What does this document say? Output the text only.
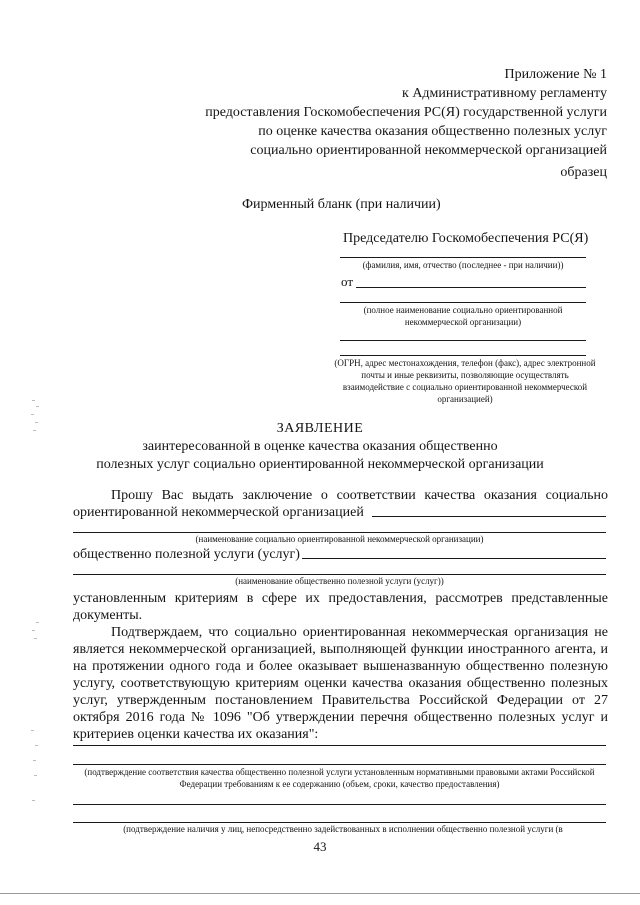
Приложение № 1
к Административному регламенту
предоставления Госкомобеспечения РС(Я) государственной услуги
по оценке качества оказания общественно полезных услуг
социально ориентированной некоммерческой организацией
образец
Фирменный бланк (при наличии)
Председателю Госкомобеспечения РС(Я)
(фамилия, имя, отчество (последнее - при наличии))
от
(полное наименование социально ориентированной некоммерческой организации)
(ОГРН, адрес местонахождения, телефон (факс), адрес электронной почты и иные реквизиты, позволяющие осуществлять взаимодействие с социально ориентированной некоммерческой организацией)
ЗАЯВЛЕНИЕ
заинтересованной в оценке качества оказания общественно
полезных услуг социально ориентированной некоммерческой организации
Прошу Вас выдать заключение о соответствии качества оказания социально
ориентированной некоммерческой организацией
(наименование социально ориентированной некоммерческой организации)
общественно полезной услуги (услуг)
(наименование общественно полезной услуги (услуг))
установленным критериям в сфере их предоставления, рассмотрев представленные документы.
Подтверждаем, что социально ориентированная некоммерческая организация не является некоммерческой организацией, выполняющей функции иностранного агента, и на протяжении одного года и более оказывает вышеназванную общественно полезную услугу, соответствующую критериям оценки качества оказания общественно полезных услуг, утвержденным постановлением Правительства Российской Федерации от 27 октября 2016 года № 1096 "Об утверждении перечня общественно полезных услуг и критериев оценки качества их оказания":
(подтверждение соответствия качества общественно полезной услуги установленным нормативными правовыми актами Российской Федерации требованиям к ее содержанию (объем, сроки, качество предоставления)
(подтверждение наличия у лиц, непосредственно задействованных в исполнении общественно полезной услуги (в
43
